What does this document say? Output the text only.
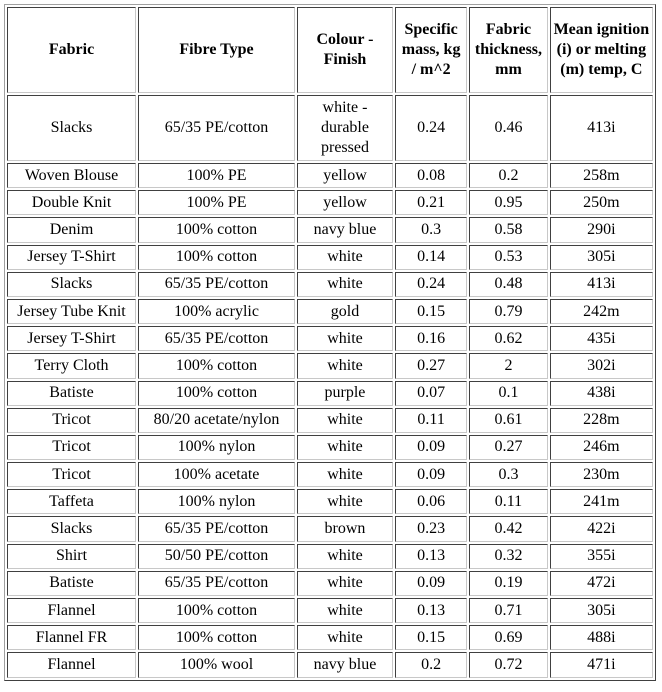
Fabric	Fibre Type	Colour - Finish	Specific mass, kg / m^2	Fabric thickness, mm	Mean ignition (i) or melting (m) temp, C
Slacks	65/35 PE/cotton	white - durable pressed	0.24	0.46	413i
Woven Blouse	100% PE	yellow	0.08	0.2	258m
Double Knit	100% PE	yellow	0.21	0.95	250m
Denim	100% cotton	navy blue	0.3	0.58	290i
Jersey T-Shirt	100% cotton	white	0.14	0.53	305i
Slacks	65/35 PE/cotton	white	0.24	0.48	413i
Jersey Tube Knit	100% acrylic	gold	0.15	0.79	242m
Jersey T-Shirt	65/35 PE/cotton	white	0.16	0.62	435i
Terry Cloth	100% cotton	white	0.27	2	302i
Batiste	100% cotton	purple	0.07	0.1	438i
Tricot	80/20 acetate/nylon	white	0.11	0.61	228m
Tricot	100% nylon	white	0.09	0.27	246m
Tricot	100% acetate	white	0.09	0.3	230m
Taffeta	100% nylon	white	0.06	0.11	241m
Slacks	65/35 PE/cotton	brown	0.23	0.42	422i
Shirt	50/50 PE/cotton	white	0.13	0.32	355i
Batiste	65/35 PE/cotton	white	0.09	0.19	472i
Flannel	100% cotton	white	0.13	0.71	305i
Flannel FR	100% cotton	white	0.15	0.69	488i
Flannel	100% wool	navy blue	0.2	0.72	471i
